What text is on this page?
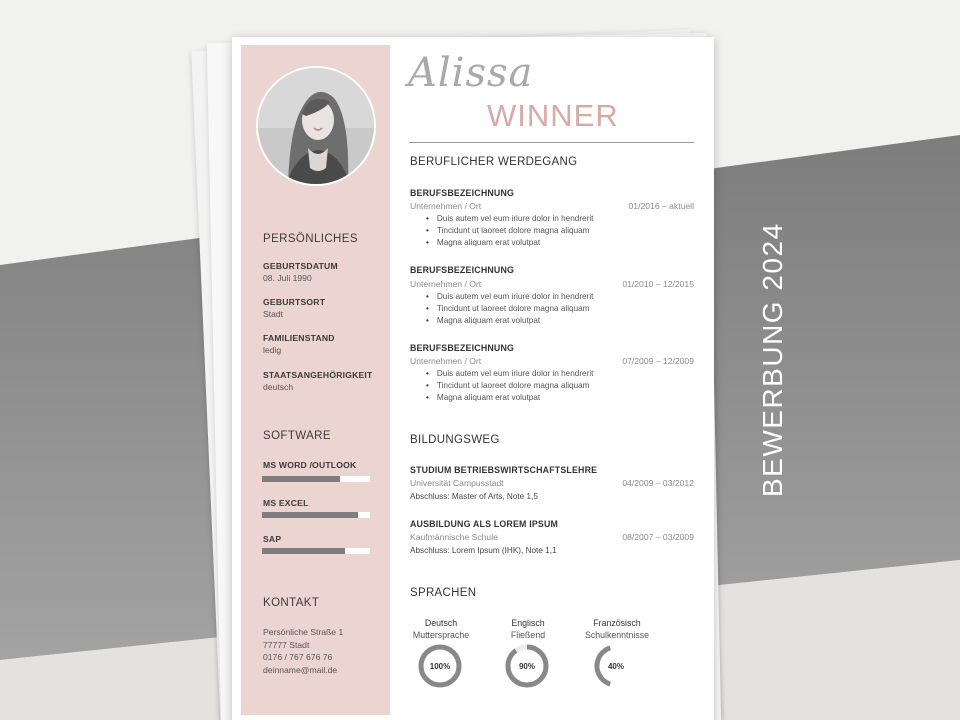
PERSÖNLICHES
GEBURTSDATUM
08. Juli 1990
GEBURTSORT
Stadt
FAMILIENSTAND
ledig
STAATSANGEHÖRIGKEIT
deutsch
SOFTWARE
MS WORD /OUTLOOK
MS EXCEL
SAP
KONTAKT
Persönliche Straße 1
77777 Stadt
0176 / 767 676 76
deinname@mail.de
Alissa
WINNER
BERUFLICHER WERDEGANG
BERUFSBEZEICHNUNG
Unternehmen / Ort	01/2016 – aktuell
• Duis autem vel eum iriure dolor in hendrerit
• Tincidunt ut laoreet dolore magna aliquam
• Magna aliquam erat volutpat
BERUFSBEZEICHNUNG
Unternehmen / Ort	01/2010 – 12/2015
• Duis autem vel eum iriure dolor in hendrerit
• Tincidunt ut laoreet dolore magna aliquam
• Magna aliquam erat volutpat
BERUFSBEZEICHNUNG
Unternehmen / Ort	07/2009 – 12/2009
• Duis autem vel eum iriure dolor in hendrerit
• Tincidunt ut laoreet dolore magna aliquam
• Magna aliquam erat volutpat
BILDUNGSWEG
STUDIUM BETRIEBSWIRTSCHAFTSLEHRE
Universität Campusstadt	04/2009 – 03/2012
Abschluss: Master of Arts, Note 1,5
AUSBILDUNG ALS LOREM IPSUM
Kaufmännische Schule	08/2007 – 03/2009
Abschluss: Lorem Ipsum (IHK), Note 1,1
SPRACHEN
Deutsch
Muttersprache
Englisch
Fließend
Französisch
Schulkenntnisse
100%	90%	40%
BEWERBUNG 2024
